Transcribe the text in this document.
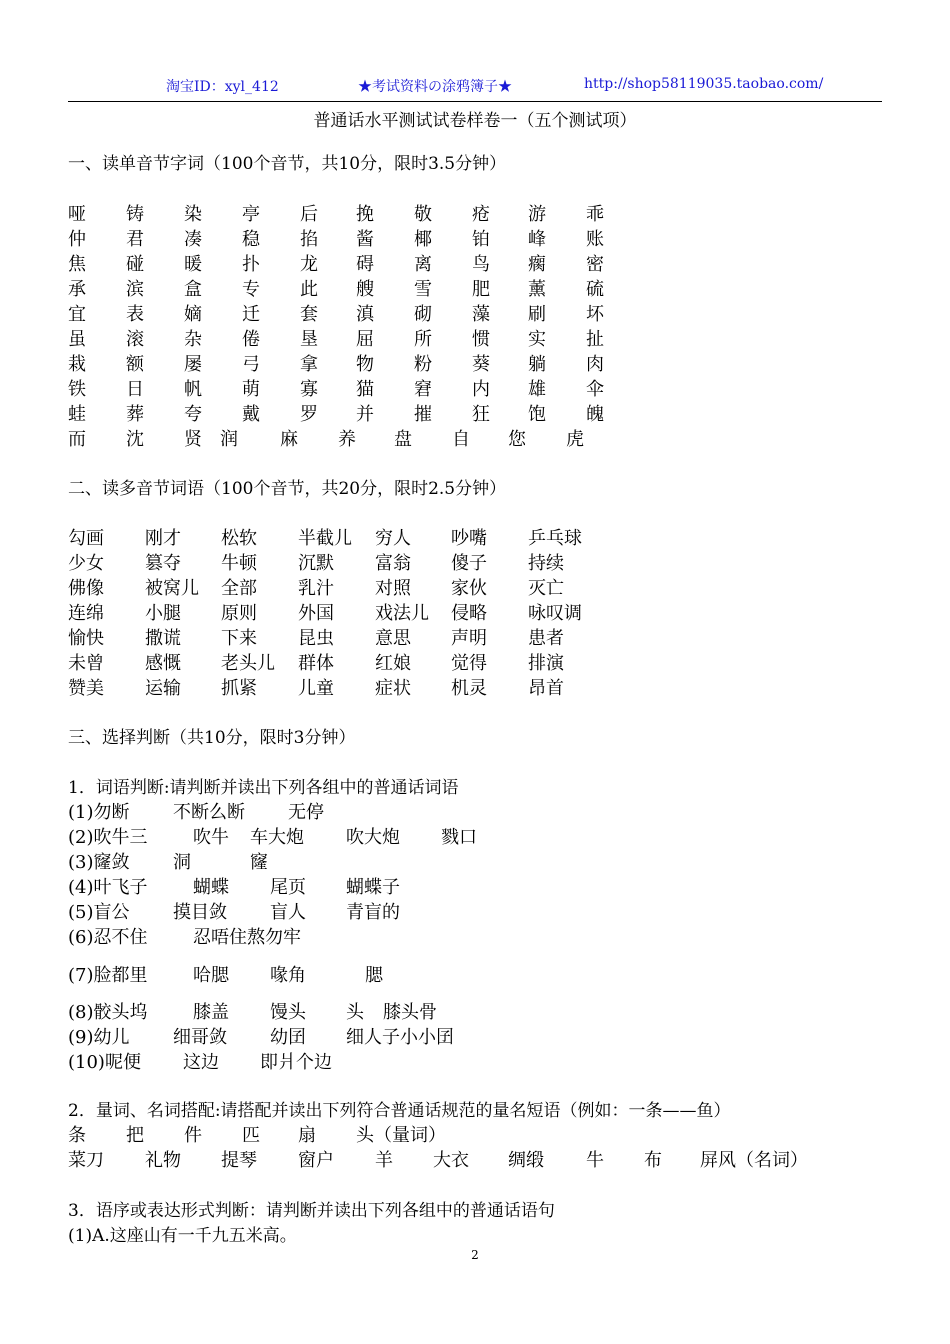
淘宝ID：xyl_412	★考试资料の涂鸦簿子★	http://shop58119035.taobao.com/
普通话水平测试试卷样卷一（五个测试项）
一、读单音节字词（100个音节，共10分，限时3.5分钟）
哑 铸 染 亭 后 挽 敬 疮 游 乖
仲 君 凑 稳 掐 酱 椰 铂 峰 账
焦 碰 暖 扑 龙 碍 离 鸟 瘸 密
承 滨 盒 专 此 艘 雪 肥 薰 硫
宜 表 嫡 迁 套 滇 砌 藻 刷 坏
虽 滚 杂 倦 垦 屈 所 惯 实 扯
栽 额 屡 弓 拿 物 粉 葵 躺 肉
铁 日 帆 萌 寡 猫 窘 内 雄 伞
蛙 葬 夸 戴 罗 并 摧 狂 饱 魄
而 沈 贤 润 麻 养 盘 自 您 虎
二、读多音节词语（100个音节，共20分，限时2.5分钟）
勾画 刚才 松软 半截儿 穷人 吵嘴 乒乓球
少女 篡夺 牛顿 沉默 富翁 傻子 持续
佛像 被窝儿 全部 乳汁 对照 家伙 灭亡
连绵 小腿 原则 外国 戏法儿 侵略 咏叹调
愉快 撒谎 下来 昆虫 意思 声明 患者
未曾 感慨 老头儿 群体 红娘 觉得 排演
赞美 运输 抓紧 儿童 症状 机灵 昂首
三、选择判断（共10分，限时3分钟）
1．词语判断:请判断并读出下列各组中的普通话词语
(1)勿断 不断么断 无停
(2)吹牛三	吹牛 车大炮 吹大炮 戮口
(3)窿敛 洞	窿
(4)叶飞子	蝴蝶 尾页 蝴蝶子
(5)盲公 摸目敛 盲人 青盲的
(6)忍不住	忍唔住熬勿牢
(7)脸都里	哈腮 喙角	腮
(8)骹头坞	膝盖 馒头 头 膝头骨
(9)幼儿 细哥敛 幼囝 细人子小小囝
(10)呢便 这边 即爿个边
2．量词、名词搭配:请搭配并读出下列符合普通话规范的量名短语（例如：一条——鱼）
条 把 件 匹 扇 头（量词）
菜刀 礼物 提琴 窗户 羊 大衣 绸缎 牛 布 屏风（名词）
3．语序或表达形式判断：请判断并读出下列各组中的普通话语句
(1)A.这座山有一千九五米高。
2
